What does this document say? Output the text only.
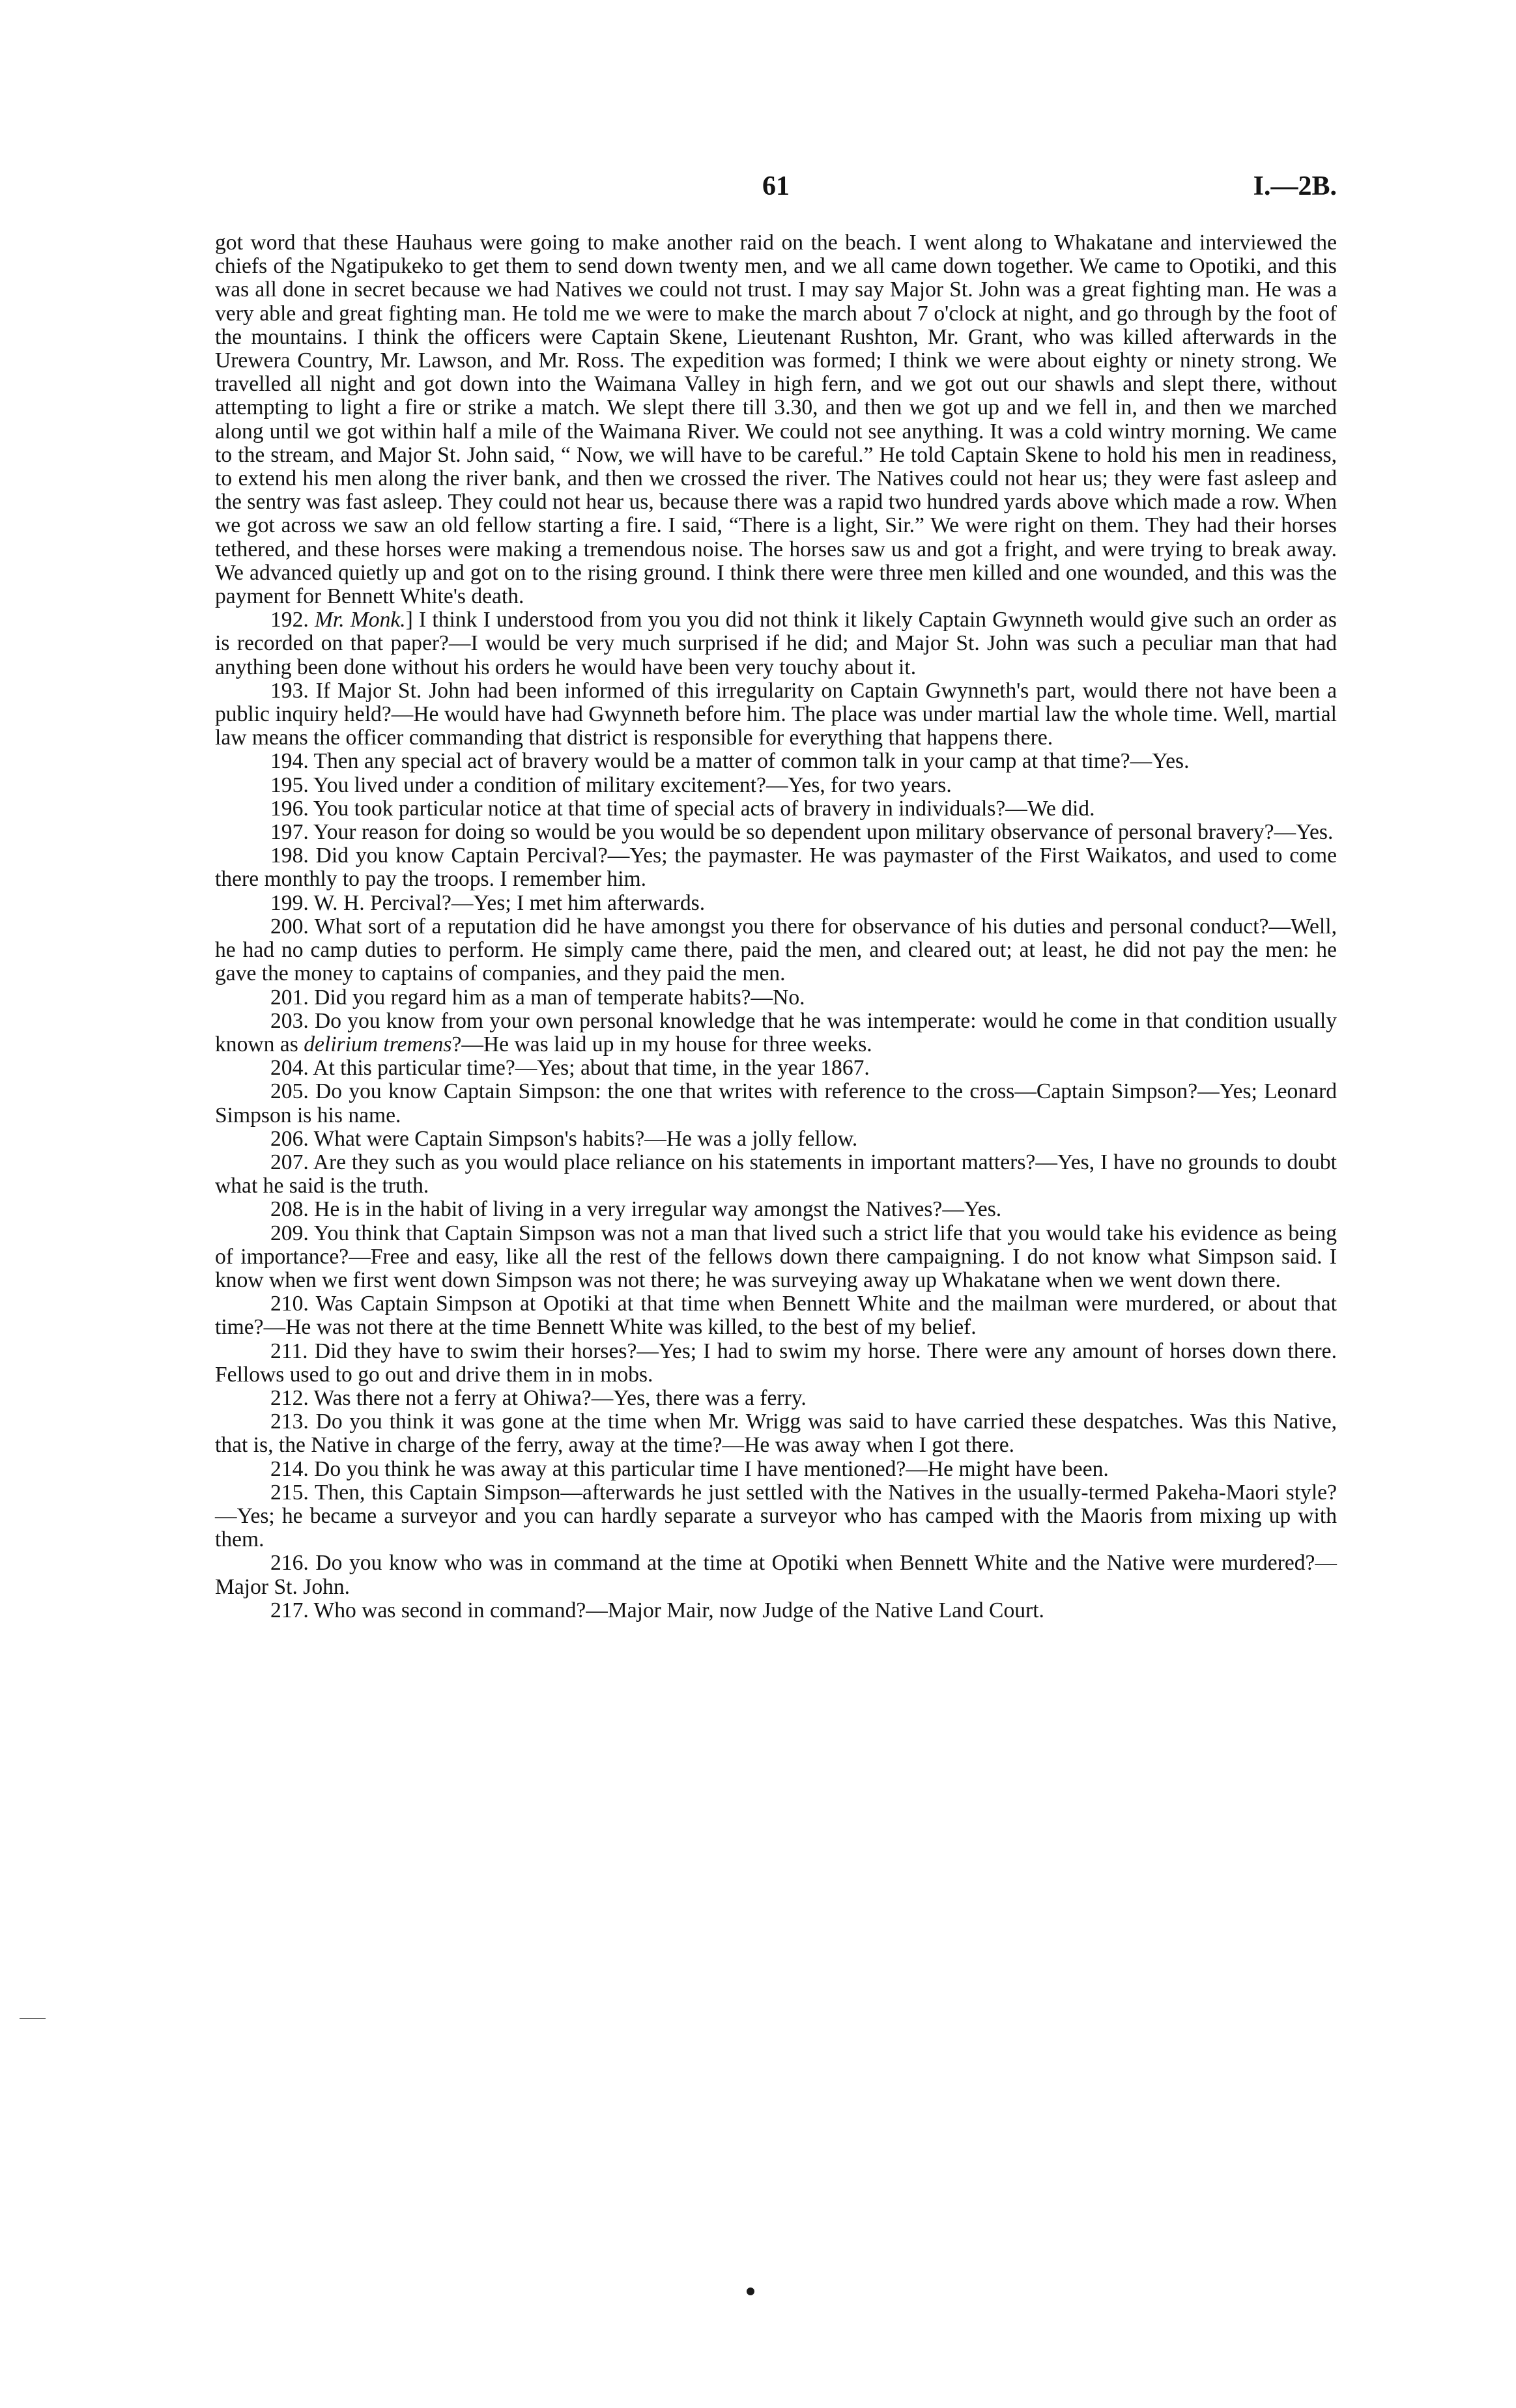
61	I.—2B.

got word that these Hauhaus were going to make another raid on the beach. I went along to Whakatane and interviewed the chiefs of the Ngatipukeko to get them to send down twenty men, and we all came down together. We came to Opotiki, and this was all done in secret because we had Natives we could not trust. I may say Major St. John was a great fighting man. He was a very able and great fighting man. He told me we were to make the march about 7 o'clock at night, and go through by the foot of the mountains. I think the officers were Captain Skene, Lieutenant Rushton, Mr. Grant, who was killed afterwards in the Urewera Country, Mr. Lawson, and Mr. Ross. The expedition was formed; I think we were about eighty or ninety strong. We travelled all night and got down into the Waimana Valley in high fern, and we got out our shawls and slept there, without attempting to light a fire or strike a match. We slept there till 3.30, and then we got up and we fell in, and then we marched along until we got within half a mile of the Waimana River. We could not see anything. It was a cold wintry morning. We came to the stream, and Major St. John said, “ Now, we will have to be careful.” He told Captain Skene to hold his men in readiness, to extend his men along the river bank, and then we crossed the river. The Natives could not hear us; they were fast asleep and the sentry was fast asleep. They could not hear us, because there was a rapid two hundred yards above which made a row. When we got across we saw an old fellow starting a fire. I said, “There is a light, Sir.” We were right on them. They had their horses tethered, and these horses were making a tremendous noise. The horses saw us and got a fright, and were trying to break away. We advanced quietly up and got on to the rising ground. I think there were three men killed and one wounded, and this was the payment for Bennett White's death.

192. Mr. Monk.] I think I understood from you you did not think it likely Captain Gwynneth would give such an order as is recorded on that paper?—I would be very much surprised if he did; and Major St. John was such a peculiar man that had anything been done without his orders he would have been very touchy about it.

193. If Major St. John had been informed of this irregularity on Captain Gwynneth's part, would there not have been a public inquiry held?—He would have had Gwynneth before him. The place was under martial law the whole time. Well, martial law means the officer commanding that district is responsible for everything that happens there.

194. Then any special act of bravery would be a matter of common talk in your camp at that time?—Yes.

195. You lived under a condition of military excitement?—Yes, for two years.

196. You took particular notice at that time of special acts of bravery in individuals?—We did.

197. Your reason for doing so would be you would be so dependent upon military observance of personal bravery?—Yes.

198. Did you know Captain Percival?—Yes; the paymaster. He was paymaster of the First Waikatos, and used to come there monthly to pay the troops. I remember him.

199. W. H. Percival?—Yes; I met him afterwards.

200. What sort of a reputation did he have amongst you there for observance of his duties and personal conduct?—Well, he had no camp duties to perform. He simply came there, paid the men, and cleared out; at least, he did not pay the men: he gave the money to captains of companies, and they paid the men.

201. Did you regard him as a man of temperate habits?—No.

203. Do you know from your own personal knowledge that he was intemperate: would he come in that condition usually known as delirium tremens?—He was laid up in my house for three weeks.

204. At this particular time?—Yes; about that time, in the year 1867.

205. Do you know Captain Simpson: the one that writes with reference to the cross—Captain Simpson?—Yes; Leonard Simpson is his name.

206. What were Captain Simpson's habits?—He was a jolly fellow.

207. Are they such as you would place reliance on his statements in important matters?—Yes, I have no grounds to doubt what he said is the truth.

208. He is in the habit of living in a very irregular way amongst the Natives?—Yes.

209. You think that Captain Simpson was not a man that lived such a strict life that you would take his evidence as being of importance?—Free and easy, like all the rest of the fellows down there campaigning. I do not know what Simpson said. I know when we first went down Simpson was not there; he was surveying away up Whakatane when we went down there.

210. Was Captain Simpson at Opotiki at that time when Bennett White and the mailman were murdered, or about that time?—He was not there at the time Bennett White was killed, to the best of my belief.

211. Did they have to swim their horses?—Yes; I had to swim my horse. There were any amount of horses down there. Fellows used to go out and drive them in in mobs.

212. Was there not a ferry at Ohiwa?—Yes, there was a ferry.

213. Do you think it was gone at the time when Mr. Wrigg was said to have carried these despatches. Was this Native, that is, the Native in charge of the ferry, away at the time?—He was away when I got there.

214. Do you think he was away at this particular time I have mentioned?—He might have been.

215. Then, this Captain Simpson—afterwards he just settled with the Natives in the usually-termed Pakeha-Maori style?—Yes; he became a surveyor and you can hardly separate a surveyor who has camped with the Maoris from mixing up with them.

216. Do you know who was in command at the time at Opotiki when Bennett White and the Native were murdered?—Major St. John.

217. Who was second in command?—Major Mair, now Judge of the Native Land Court.
